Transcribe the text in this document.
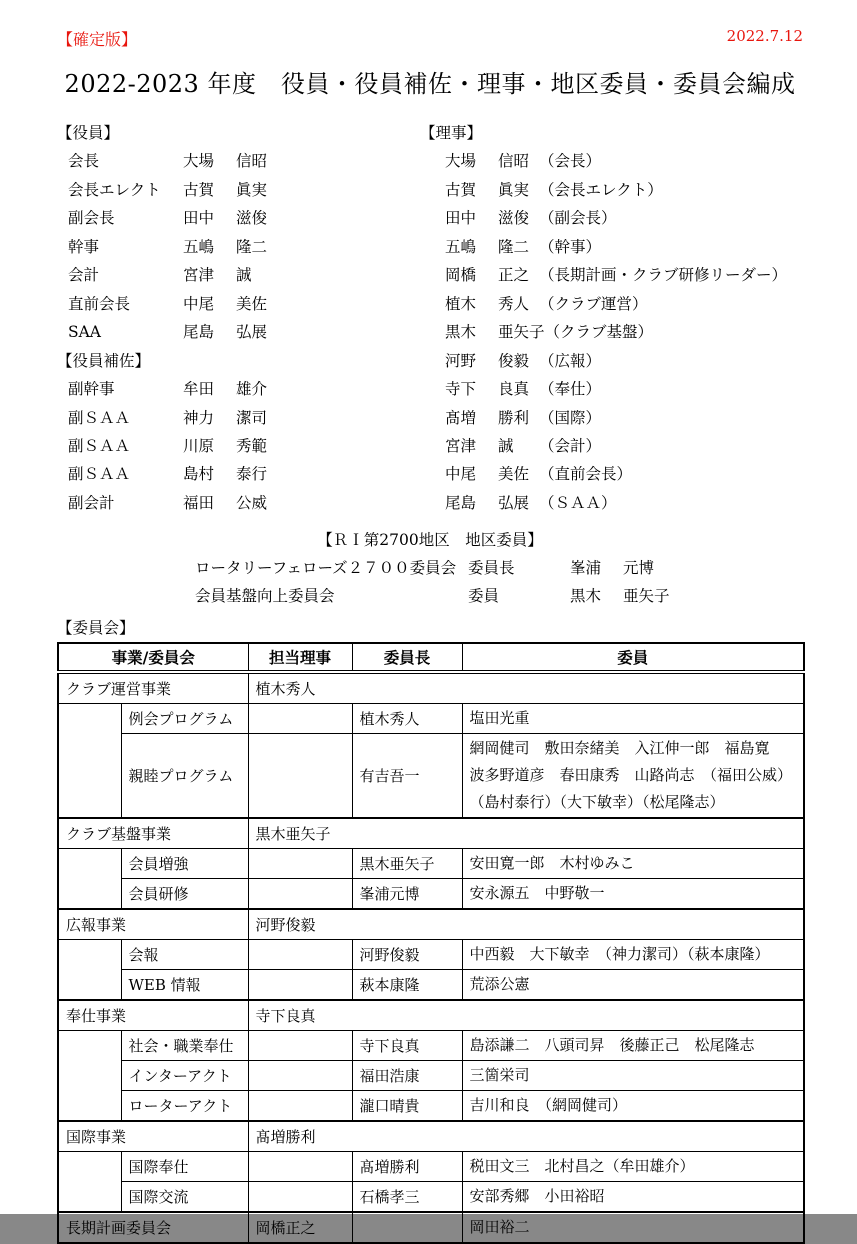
【確定版】	2022.7.12
2022-2023 年度　役員・役員補佐・理事・地区委員・委員会編成
【役員】
会長	大場 信昭
会長エレクト 古賀 眞実
副会長	田中 滋俊
幹事	五嶋 隆二
会計	宮津 誠
直前会長	中尾 美佐
SAA	尾島 弘展
【役員補佐】
副幹事	牟田 雄介
副ＳＡＡ	神力 潔司
副ＳＡＡ	川原 秀範
副ＳＡＡ	島村 泰行
副会計	福田 公威
【理事】
大場 信昭 （会長）
古賀 眞実 （会長エレクト）
田中 滋俊 （副会長）
五嶋 隆二 （幹事）
岡橋 正之 （長期計画・クラブ研修リーダー）
植木 秀人 （クラブ運営）
黒木 亜矢子（クラブ基盤）
河野 俊毅 （広報）
寺下 良真 （奉仕）
髙増 勝利 （国際）
宮津 誠 （会計）
中尾 美佐 （直前会長）
尾島 弘展 （ＳＡＡ）
【ＲＩ第2700地区　地区委員】
ロータリーフェローズ２７００委員会 委員長	峯浦 元博
会員基盤向上委員会	委員	黒木 亜矢子
【委員会】
事業/委員会		担当理事	委員長	委員
クラブ運営事業		植木秀人		
	例会プログラム		植木秀人	塩田光重

	親睦プログラム		有吉吾一	網岡健司　敷田奈緒美　入江伸一郎　福島寛
波多野道彦　春田康秀　山路尚志　（福田公威）
（島村泰行）（大下敏幸）（松尾隆志）

クラブ基盤事業		黒木亜矢子		
	会員増強		黒木亜矢子	安田寛一郎　木村ゆみこ

	会員研修		峯浦元博	安永源五　中野敬一

広報事業		河野俊毅		
	会報		河野俊毅	中西毅　大下敏幸　（神力潔司）（萩本康隆）

	WEB 情報		萩本康隆	荒添公憲

奉仕事業		寺下良真		
	社会・職業奉仕		寺下良真	島添謙二　八頭司昇　後藤正己　松尾隆志

	インターアクト		福田浩康	三箇栄司

	ローターアクト		瀧口晴貴	吉川和良　（網岡健司）

国際事業		髙増勝利		
	国際奉仕		髙増勝利	税田文三　北村昌之（牟田雄介）

	国際交流		石橋孝三	安部秀郷　小田裕昭

長期計画委員会		岡橋正之		岡田裕二
